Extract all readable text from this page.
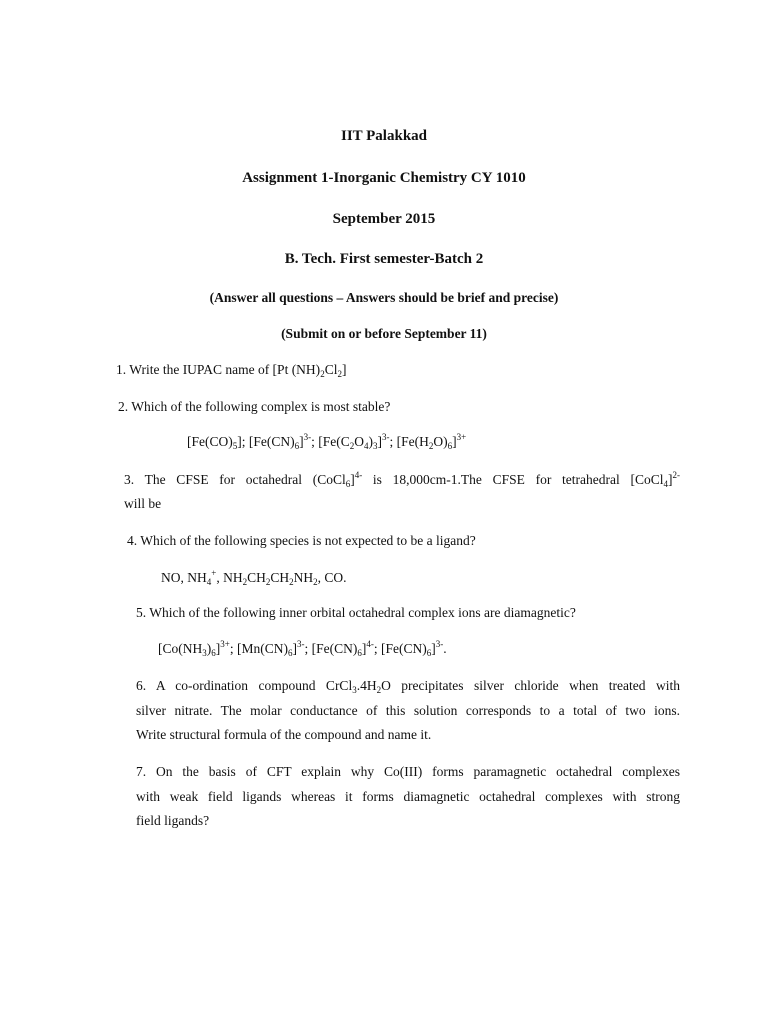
IIT Palakkad
Assignment 1-Inorganic Chemistry CY 1010
September 2015
B. Tech. First semester-Batch 2
(Answer all questions – Answers should be brief and precise)
(Submit on or before September 11)
1. Write the IUPAC name of [Pt $(NH)_2Cl_2$]
2. Which of the following complex is most stable?
$[Fe(CO)_5]$; $[Fe(CN)_6]^{3-}$; $[Fe(C_2O_4)_3]^{3-}$; $[Fe(H_2O)_6]^{3+}$
3. The CFSE for octahedral (CoCl$_6$]$^{4-}$ is 18,000cm-1.The CFSE for tetrahedral [CoCl$_4$]$^{2-}$
will be
4. Which of the following species is not expected to be a ligand?
NO, $NH_4^+$, $NH_2CH_2CH_2NH_2$, CO.
5. Which of the following inner orbital octahedral complex ions are diamagnetic?
$[Co(NH_3)_6]^{3+}$; $[Mn(CN)_6]^{3-}$; $[Fe(CN)_6]^{4-}$; $[Fe(CN)_6]^{3-}$.
6. A co-ordination compound $CrCl_3.4H_2O$ precipitates silver chloride when treated with
silver nitrate. The molar conductance of this solution corresponds to a total of two ions.
Write structural formula of the compound and name it.
7. On the basis of CFT explain why Co(III) forms paramagnetic octahedral complexes
with weak field ligands whereas it forms diamagnetic octahedral complexes with strong
field ligands?
